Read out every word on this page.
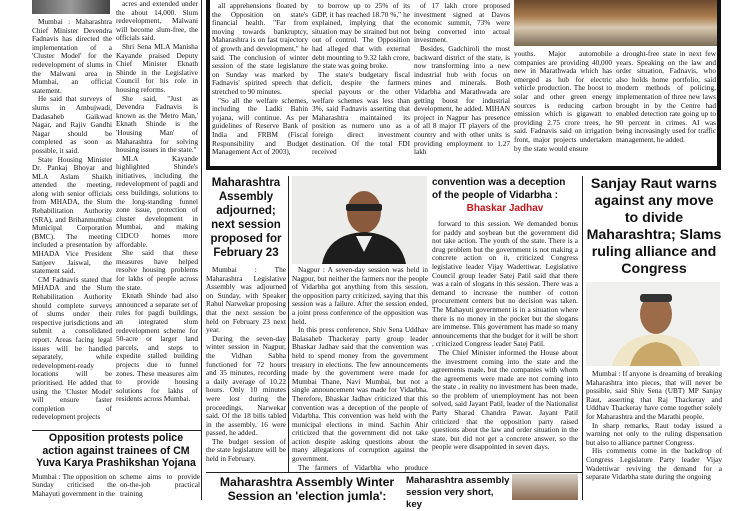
Mumbai : Maharashtra Chief Minister Devendra Fadnavis has directed the implementation of a 'Cluster Model' for the redevelopment of slums in the Malwani area in Mumbai, an official statement.

He said that surveys of slums in Ambujwadi, Dadasaheb Gaikwad Nagar, and Rajiv Gandhi Nagar should be completed as soon as possible, it said.

State Housing Minister Dr. Pankaj Bhoyar and MLA Aslam Shaikh attended the meeting, along with senior officials from MHADA, the Slum Rehabilitation Authority (SRA), and Brihanmumbai Municipal Corporation (BMC). The meeting included a presentation by MHADA Vice President Sanjeev Jaiswal, the statement said.

CM Fadnavis stated that MHADA and the Slum Rehabilitation Authority should complete surveys of slums under their respective jurisdictions and submit a consolidated report. Areas facing legal issues will be handled separately, while redevelopment-ready locations will be prioritised. He added that using the 'Cluster Model' will ensure faster completion of redevelopment projects

acres and extended under the about 14,000. Slum redevelopment, Malwani will become slum-free, the officials said.

Shri Sena MLA Manisha Kayande praised Deputy Chief Minister Eknath Shinde in the Legislative Council for his role in housing reforms.

She said, "Just as Devendra Fadnavis is known as the 'Metro Man,' Eknath Shinde is the 'Housing Man' of Maharashtra for solving housing issues in the state."

MLA Kayande highlighted Shinde's initiatives, including the redevelopment of pagdi and cess buildings, solutions to the long-standing funnel zone issue, protection of cluster development in Mumbai, and making CIDCO homes more affordable.

She said that these measures have helped resolve housing problems for lakhs of people across the state.

Eknath Shinde had also announced a separate set of rules for pagdi buildings, an integrated slum redevelopment scheme for 50-acre or larger land parcels, and steps to expedite stalled building projects due to funnel zones. These measures aim to provide housing solutions for lakhs of residents across Mumbai.

all apprehensions floated by the Opposition on state's financial health. "Far from moving towards bankruptcy, Maharashtra is on fast trajectory of growth and development," he said. The conclusion of winter session of the state legislature on Sunday was marked by Fadnavis' spirited speech that stretched to 90 minutes.

"So all the welfare schemes, including the Ladki Bahin yojana, will continue. As per guidelines of Reserve Bank of India and FRBM (Fiscal Responsibility and Budget Management Act of 2003),

to borrow up to 25% of its GDP, it has reached 18.70 %," he explained, implying that the situation may be strained but not out of control. The Opposition had alleged that with external debt mounting to 9.32 lakh crore, the state was going broke.

The state's budgetary fiscal deficit, despite the farmers special payouts or the other welfare schemes was less than 3%, said Fadnavis asserting that Maharashtra maintained its position as numero uno as a foreign direct investment destination. Of the total FDI received

of 17 lakh crore proposed investment signed at Davos economic summit, 73% were being converted into actual investment.

Besides, Gadchiroli the most backward district of the state, is now transforming into a new industrial hub with focus on mines and minerals. Both Vidarbha and Marathwada are getting boost for industrial development, he added. MIHAN project in Nagpur has presence of all 8 major IT players of the country and with other units is providing employment to 1.27 lakh

youths. Major automobile companies are providing 40,000 new in Marathwada which has emerged as hub for electric vehicle production. The boost to solar and other green energy sources is reducing carbon emission which is gigawatt to providing 2.75 crore trees, he said. Fadnavis said on irrigation front, major projects undertaken by the state would ensure

a drought-free state in next few years. Speaking on the law and order situation, Fadnavis, who also holds home portfolio, said modern methods of policing, implementation of three new laws brought in by the Centre had enabled detection rate going up to 90 percent in crimes. AI was being increasingly used for traffic management, he added.

Maharashtra Assembly adjourned; next session proposed for February 23

Mumbai : The Maharashtra Legislative Assembly was adjourned on Sunday, with Speaker Rahul Narwekar proposing that the next session be held on February 23 next year.

During the seven-day winter session in Nagpur, the Vidhan Sabha functioned for 72 hours and 35 minutes, recording a daily average of 10.22 hours. Only 10 minutes were lost during the proceedings, Narwekar said. Of the 18 bills tabled in the assembly, 16 were passed, he added.

The budget session of the state legislature will be held in February.

Nagpur : A seven-day session was held in Nagpur, but neither the farmers nor the people of Vidarbha got anything from this session, the opposition party criticized, saying that this session was a failure. After the session ended, a joint press conference of the opposition was held.

In this press conference, Shiv Sena Uddhav Balasaheb Thackeray party group leader Bhaskar Jadhav said that the convention was held to spend money from the government treasury in elections. The few announcements made by the government were made for Mumbai Thane, Navi Mumbai, but not a single announcement was made for Vidarbha. Therefore, Bhaskar Jadhav criticized that this convention was a deception of the people of Vidarbha. This convention was held with the municipal elections in mind. Sachin Ahir criticized that the government did not take action despite asking questions about the many allegations of corruption against the government.

The farmers of Vidarbha who produce

convention was a deception
of the people of Vidarbha :
Bhaskar Jadhav

forward to this session. We demanded bonus for paddy and soybean but the government did not take action. The youth of the state. There is a drug problem but the government is not making a concrete action on it, criticized Congress legislative leader Vijay Wadettiwar. Legislative Council group leader Satej Patil said that there was a rain of slogans in this session. There was a demand to increase the number of cotton procurement centers but no decision was taken. The Mahayuti government is in a situation where there is no money in the pocket but the slogans are immense. This government has made so many announcements that the budget for it will be short , criticized Congress leader Satej Patil.

The Chief Minister informed the House about the investment coming into the state and the agreements made, but the companies with whom the agreements were made are not coming into the state , in reality no investment has been made, so the problem of unemployment has not been solved, said Jayant Patil, leader of the Nationalist Party Sharad Chandra Pawar. Jayant Patil criticized that the opposition party raised questions about the law and order situation in the state, but did not get a concrete answer, so the people were disappointed in seven days.

Sanjay Raut warns against any move to divide Maharashtra; Slams ruling alliance and Congress

Mumbai : If anyone is dreaming of breaking Maharashtra into pieces, that will never be possible, said Shiv Sena (UBT) MP Sanjay Raut, asserting that Raj Thackeray and Uddhav Thackeray have come together solely for Maharashtra and the Marathi people.

In sharp remarks, Raut today issued a warning not only to the ruling dispensation but also to alliance partner Congress.

His comments come in the backdrop of Congress Legislature Party leader Vijay Wadettiwar reviving the demand for a separate Vidarbha state during the ongoing

Opposition protests police action against trainees of CM Yuva Karya Prashikshan Yojana

Mumbai : The opposition on Sunday criticised the Mahayuti government in the

scheme aims to provide on-the-job practical training

Maharashtra Assembly Winter Session an 'election jumla':
Maharashtra assembly session very short, key
